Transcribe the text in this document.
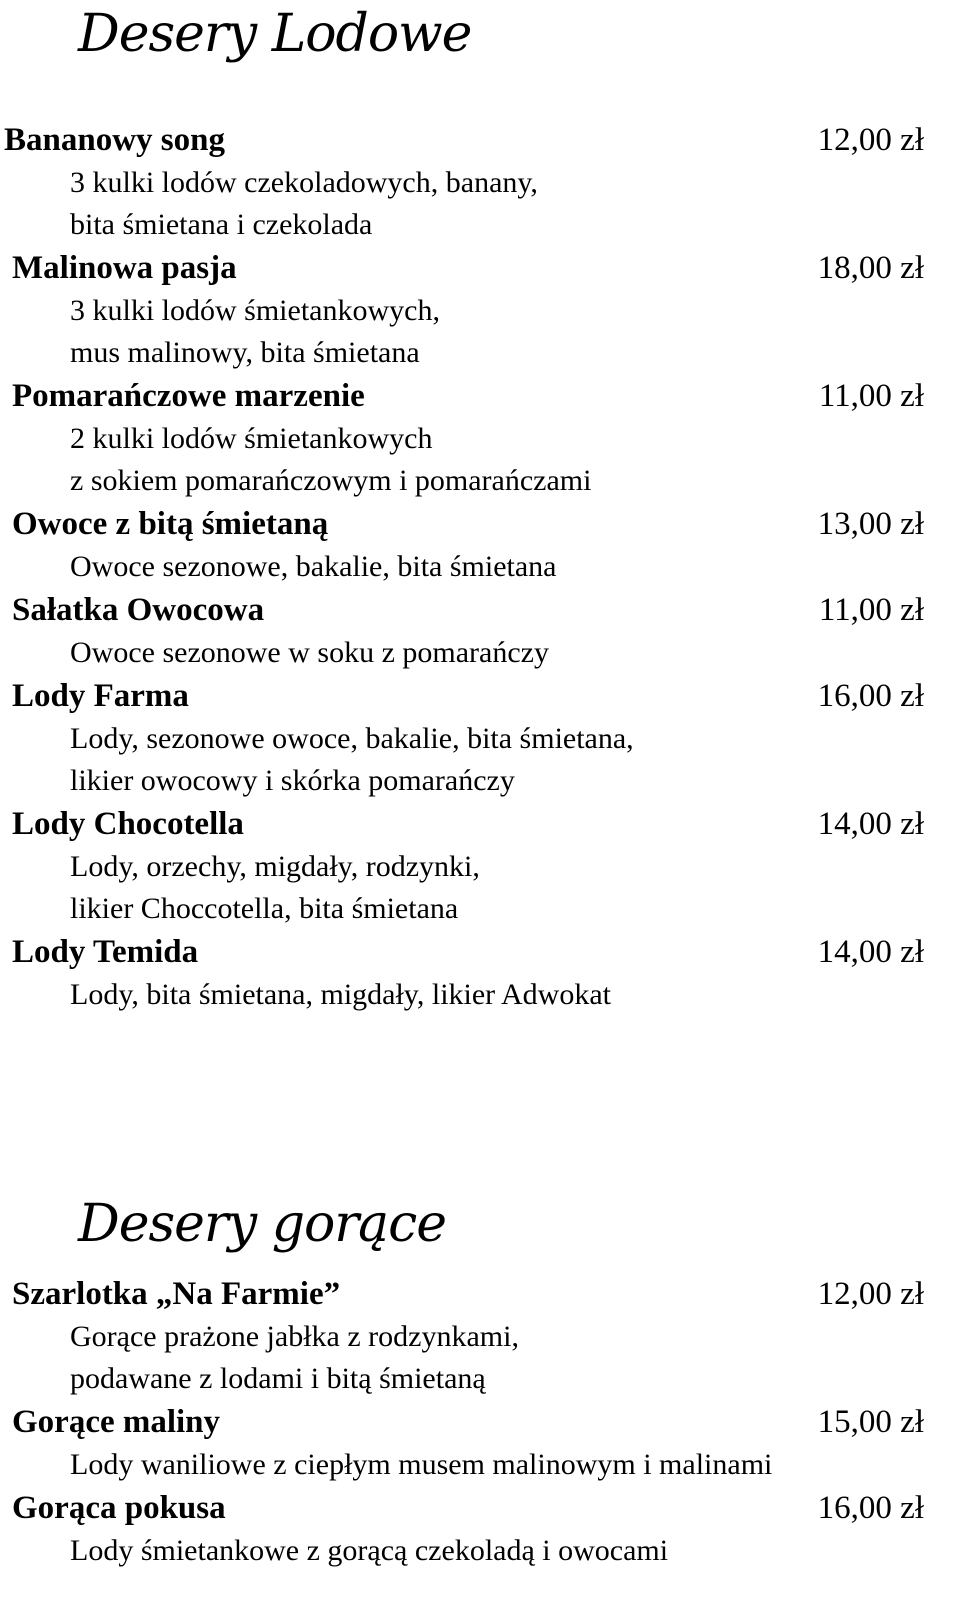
Desery Lodowe
Bananowy song	12,00 zł
3 kulki lodów czekoladowych, banany,
bita śmietana i czekolada
Malinowa pasja	18,00 zł
3 kulki lodów śmietankowych,
mus malinowy, bita śmietana
Pomarańczowe marzenie	11,00 zł
2 kulki lodów śmietankowych
z sokiem pomarańczowym i pomarańczami
Owoce z bitą śmietaną	13,00 zł
Owoce sezonowe, bakalie, bita śmietana
Sałatka Owocowa	11,00 zł
Owoce sezonowe w soku z pomarańczy
Lody Farma	16,00 zł
Lody, sezonowe owoce, bakalie, bita śmietana,
likier owocowy i skórka pomarańczy
Lody Chocotella	14,00 zł
Lody, orzechy, migdały, rodzynki,
likier Choccotella, bita śmietana
Lody Temida	14,00 zł
Lody, bita śmietana, migdały, likier Adwokat
Desery gorące
Szarlotka „Na Farmie”	12,00 zł
Gorące prażone jabłka z rodzynkami,
podawane z lodami i bitą śmietaną
Gorące maliny	15,00 zł
Lody waniliowe z ciepłym musem malinowym i malinami
Gorąca pokusa	16,00 zł
Lody śmietankowe z gorącą czekoladą i owocami
